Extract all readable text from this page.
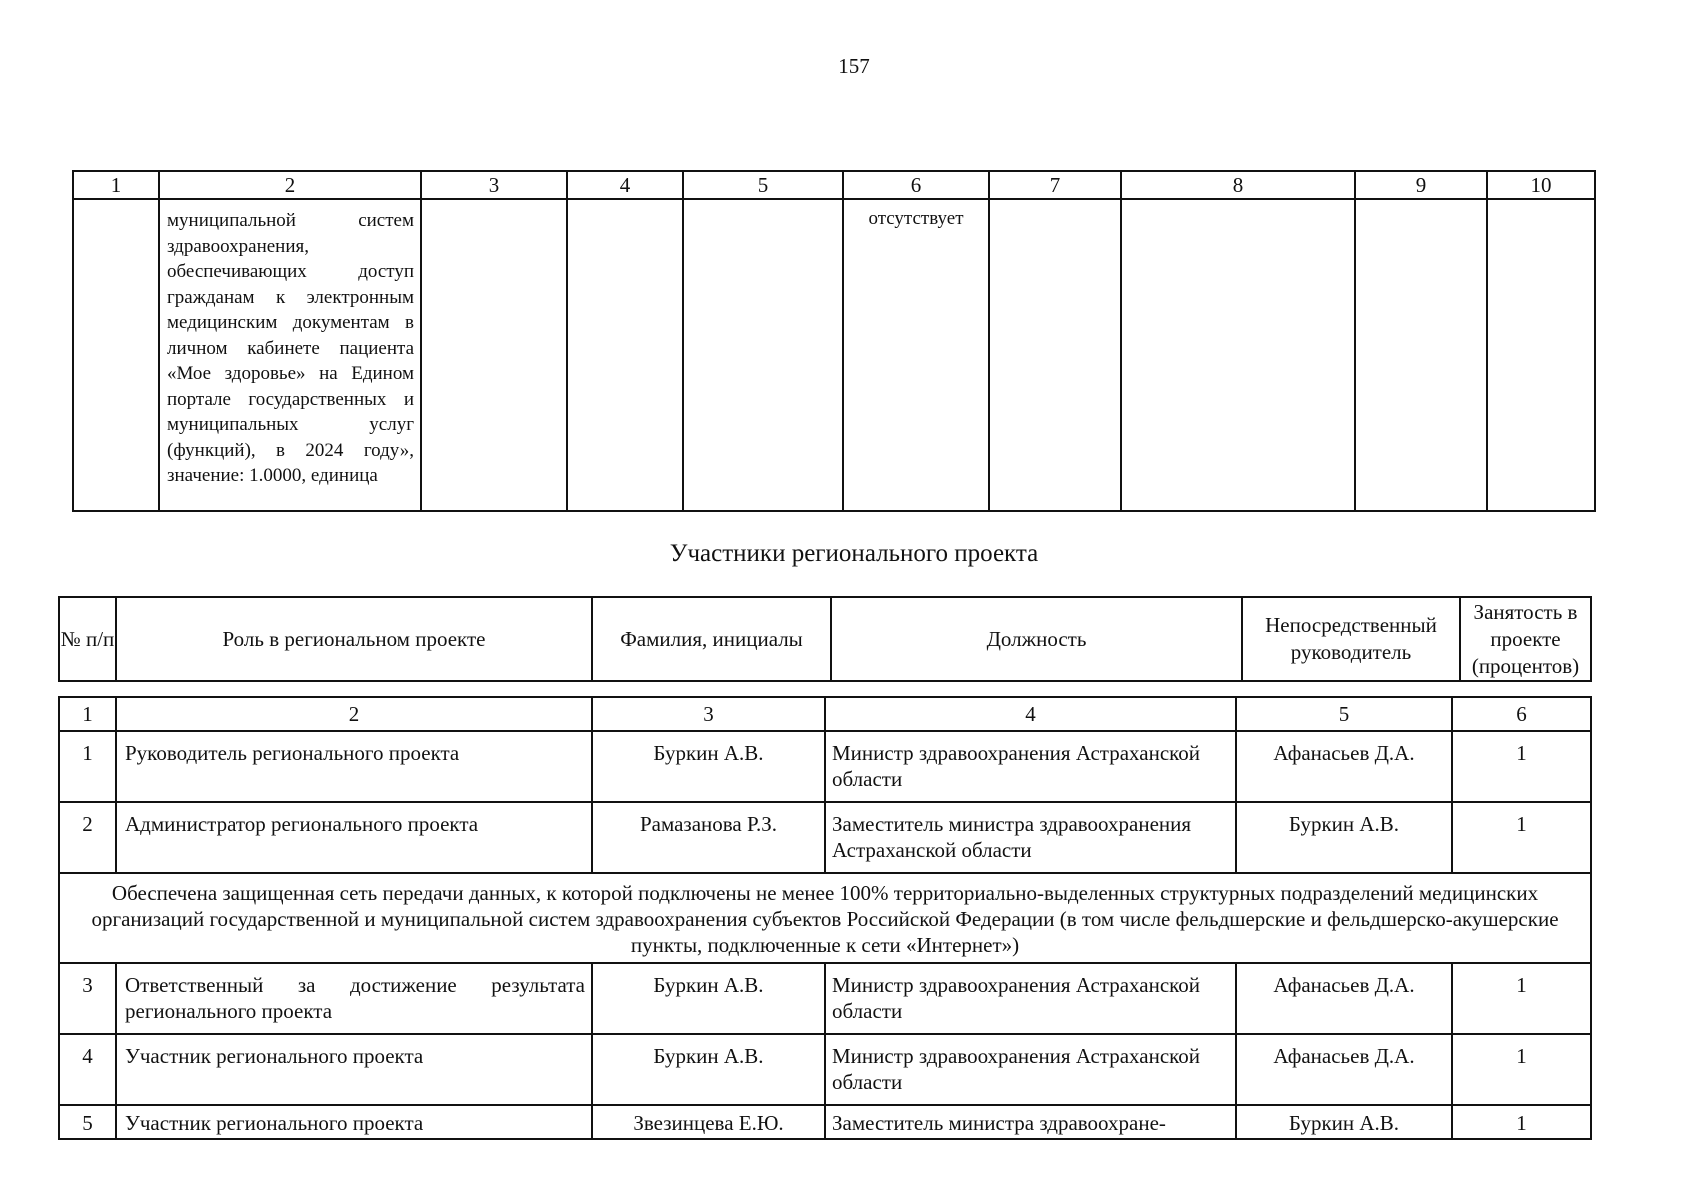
157
1	2	3	4	5	6	7	8	9	10

	муниципальной систем здравоохранения, обеспечивающих доступ гражданам к электронным медицинским документам в личном кабинете пациента «Мое здоровье» на Едином портале государственных и муниципальных услуг (функций), в 2024 году», значение: 1.0000, единица				отсутствует				

Участники регионального проекта
№ п/п	Роль в региональном проекте	Фамилия, инициалы	Должность	Непосредственный руководитель	Занятость в проекте (процентов)
1	2	3	4	5	6
1	Руководитель регионального проекта	Буркин А.В.	Министр здравоохранения Астраханской области	Афанасьев Д.А.	1
2	Администратор регионального проекта	Рамазанова Р.З.	Заместитель министра здравоохранения Астраханской области	Буркин А.В.	1
Обеспечена защищенная сеть передачи данных, к которой подключены не менее 100% территориально-выделенных структурных подразделений медицинских организаций государственной и муниципальной систем здравоохранения субъектов Российской Федерации (в том числе фельдшерские и фельдшерско-акушерские пункты, подключенные к сети «Интернет»)					
3	Ответственный за достижение результата регионального проекта	Буркин А.В.	Министр здравоохранения Астраханской области	Афанасьев Д.А.	1
4	Участник регионального проекта	Буркин А.В.	Министр здравоохранения Астраханской области	Афанасьев Д.А.	1
5	Участник регионального проекта	Звезинцева Е.Ю.	Заместитель министра здравоохране-	Буркин А.В.	1
